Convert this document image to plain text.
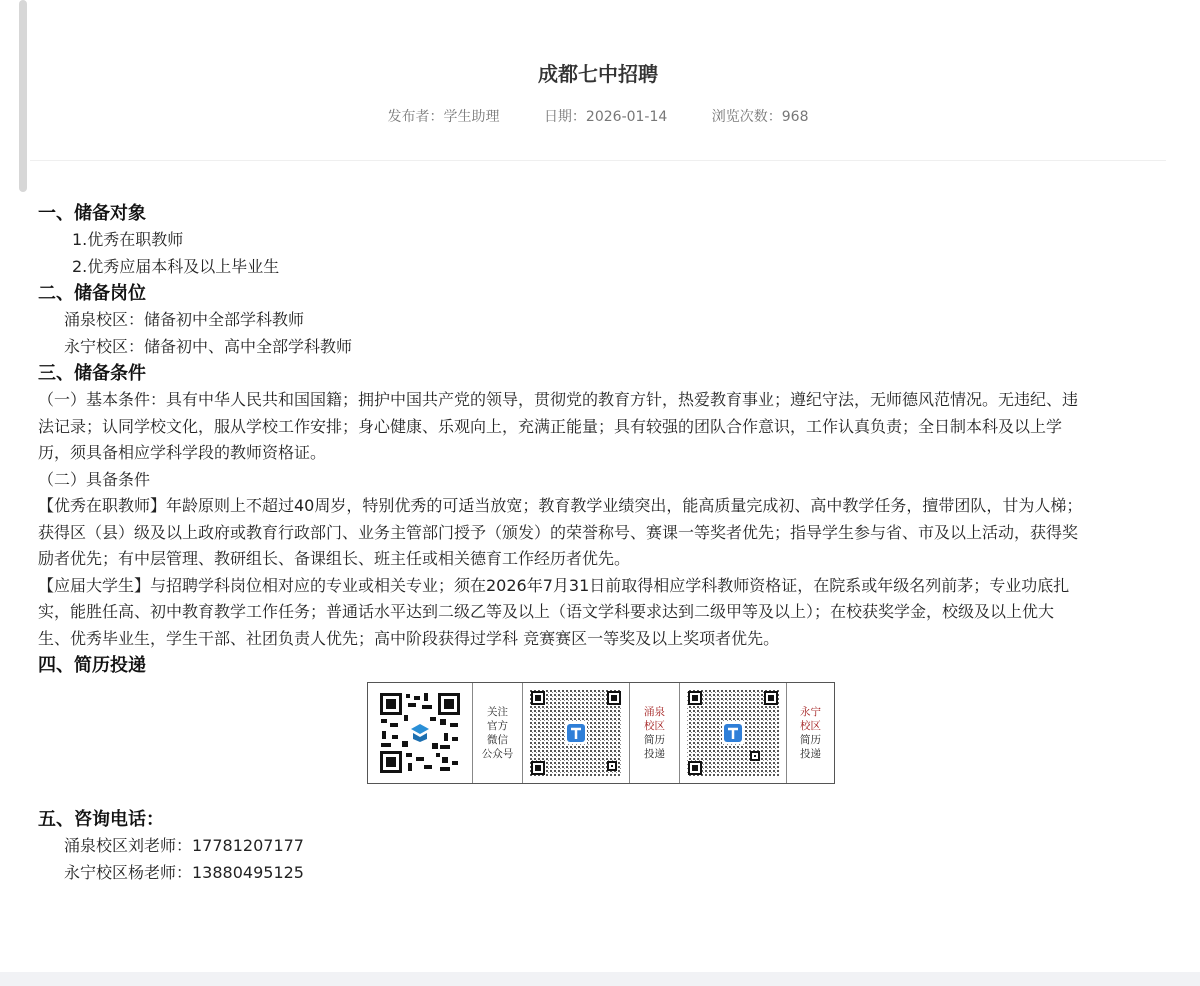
成都七中招聘
发布者：学生助理	日期：2026-01-14	浏览次数：968

一、储备对象

1.优秀在职教师

2.优秀应届本科及以上毕业生

二、储备岗位

涌泉校区：储备初中全部学科教师

永宁校区：储备初中、高中全部学科教师

三、储备条件

（一）基本条件：具有中华人民共和国国籍；拥护中国共产党的领导，贯彻党的教育方针，热爱教育事业；遵纪守法，无师德风范情况。无违纪、违

法记录；认同学校文化，服从学校工作安排；身心健康、乐观向上，充满正能量；具有较强的团队合作意识，工作认真负责；全日制本科及以上学

历，须具备相应学科学段的教师资格证。

（二）具备条件

【优秀在职教师】年龄原则上不超过40周岁，特别优秀的可适当放宽；教育教学业绩突出，能高质量完成初、高中教学任务，擅带团队，甘为人梯；

获得区（县）级及以上政府或教育行政部门、业务主管部门授予（颁发）的荣誉称号、赛课一等奖者优先；指导学生参与省、市及以上活动，获得奖

励者优先；有中层管理、教研组长、备课组长、班主任或相关德育工作经历者优先。

【应届大学生】与招聘学科岗位相对应的专业或相关专业；须在2026年7月31日前取得相应学科教师资格证，在院系或年级名列前茅；专业功底扎

实，能胜任高、初中教育教学工作任务；普通话水平达到二级乙等及以上（语文学科要求达到二级甲等及以上）；在校获奖学金，校级及以上优大

生、优秀毕业生，学生干部、社团负责人优先；高中阶段获得过学科 竞赛赛区一等奖及以上奖项者优先。

四、简历投递

关注
官方
微信
公众号
涌泉
校区
简历
投递
永宁
校区
简历
投递

五、咨询电话：

涌泉校区刘老师：17781207177

永宁校区杨老师：13880495125
